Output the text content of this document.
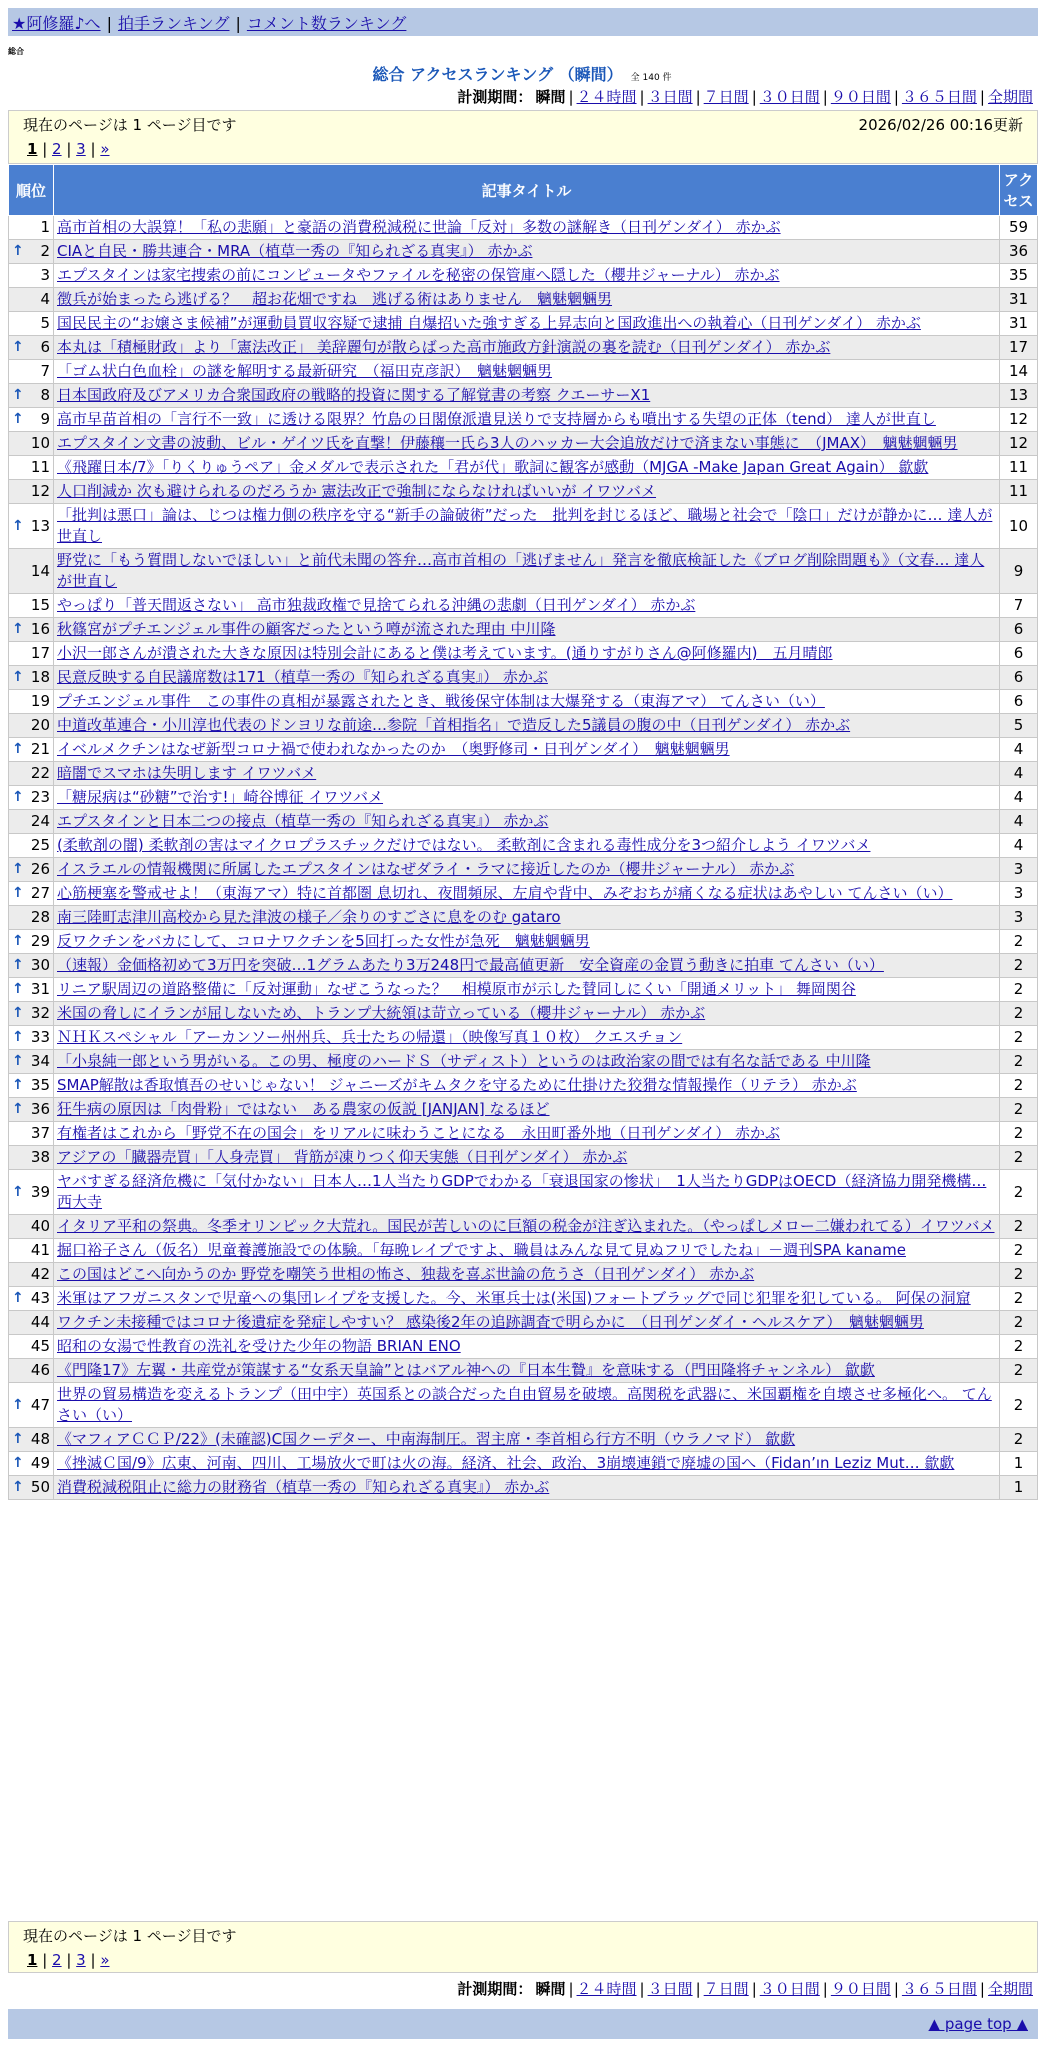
★阿修羅♪へ | 拍手ランキング | コメント数ランキング
総合
総合 アクセスランキング （瞬間） 全 140 件
計測期間： 瞬間 | ２４時間 | ３日間 | ７日間 | ３０日間 | ９０日間 | ３６５日間 | 全期間
現在のページは 1 ページ目です	2026/02/26 00:16更新
1 | 2 | 3 | »
順位	記事タイトル	アクセス
1	高市首相の大誤算！「私の悲願」と豪語の消費税減税に世論「反対」多数の謎解き（日刊ゲンダイ） 赤かぶ	59

↑ 2	CIAと自民・勝共連合・MRA（植草一秀の『知られざる真実』） 赤かぶ	36
3	エプスタインは家宅捜索の前にコンピュータやファイルを秘密の保管庫へ隠した（櫻井ジャーナル） 赤かぶ	35
4	徴兵が始まったら逃げる？　超お花畑ですね　逃げる術はありません　魑魅魍魎男	31
5	国民民主の“お嬢さま候補”が運動員買収容疑で逮捕 自爆招いた強すぎる上昇志向と国政進出への執着心（日刊ゲンダイ） 赤かぶ	31

↑ 6	本丸は「積極財政」より「憲法改正」 美辞麗句が散らばった高市施政方針演説の裏を読む（日刊ゲンダイ） 赤かぶ	17
7	「ゴム状白色血栓」の謎を解明する最新研究　（福田克彦訳）　魑魅魍魎男	14

↑ 8	日本国政府及びアメリカ合衆国政府の戦略的投資に関する了解覚書の考察 クエーサーX1	13

↑ 9	高市早苗首相の「言行不一致」に透ける限界？竹島の日閣僚派遣見送りで支持層からも噴出する失望の正体（tend） 達人が世直し	12
10	エプスタイン文書の波動、ビル・ゲイツ氏を直撃！伊藤穰一氏ら3人のハッカー大会追放だけで済まない事態に　（JMAX）　魑魅魍魎男	12
11	《飛躍日本/7》「りくりゅうペア」金メダルで表示された「君が代」歌詞に観客が感動（MJGA -Make Japan Great Again） 歙歔	11
12	人口削減か 次も避けられるのだろうか 憲法改正で強制にならなければいいが イワツバメ	11

↑ 13	「批判は悪口」論は、じつは権力側の秩序を守る“新手の論破術”だった　批判を封じるほど、職場と社会で「陰口」だけが静かに… 達人が世直し	10
14	野党に「もう質問しないでほしい」と前代未聞の答弁…高市首相の「逃げません」発言を徹底検証した《ブログ削除問題も》（文春… 達人が世直し	9
15	やっぱり「普天間返さない」 高市独裁政権で見捨てられる沖縄の悲劇（日刊ゲンダイ） 赤かぶ	7

↑ 16	秋篠宮がプチエンジェル事件の顧客だったという噂が流された理由 中川隆	6
17	小沢一郎さんが潰された大きな原因は特別会計にあると僕は考えています。(通りすがりさん@阿修羅内)　五月晴郎	6

↑ 18	民意反映する自民議席数は171（植草一秀の『知られざる真実』） 赤かぶ	6
19	プチエンジェル事件　この事件の真相が暴露されたとき、戦後保守体制は大爆発する（東海アマ） てんさい（い）	6
20	中道改革連合・小川淳也代表のドンヨリな前途…参院「首相指名」で造反した5議員の腹の中（日刊ゲンダイ） 赤かぶ	5

↑ 21	イベルメクチンはなぜ新型コロナ禍で使われなかったのか　（奥野修司・日刊ゲンダイ）　魑魅魍魎男	4
22	暗闇でスマホは失明します イワツバメ	4

↑ 23	「糖尿病は“砂糖”で治す!」崎谷博征 イワツバメ	4
24	エプスタインと日本二つの接点（植草一秀の『知られざる真実』） 赤かぶ	4
25	(柔軟剤の闇) 柔軟剤の害はマイクロプラスチックだけではない。 柔軟剤に含まれる毒性成分を3つ紹介しよう イワツバメ	4

↑ 26	イスラエルの情報機関に所属したエプスタインはなぜダライ・ラマに接近したのか（櫻井ジャーナル） 赤かぶ	3

↑ 27	心筋梗塞を警戒せよ！（東海アマ）特に首都圏 息切れ、夜間頻尿、左肩や背中、みぞおちが痛くなる症状はあやしい てんさい（い）	3
28	南三陸町志津川高校から見た津波の様子／余りのすごさに息をのむ gataro	3

↑ 29	反ワクチンをバカにして、コロナワクチンを5回打った女性が急死　魑魅魍魎男	2

↑ 30	（速報）金価格初めて3万円を突破…1グラムあたり3万248円で最高値更新　安全資産の金買う動きに拍車 てんさい（い）	2

↑ 31	リニア駅周辺の道路整備に「反対運動」なぜこうなった？　相模原市が示した賛同しにくい「開通メリット」 舞岡関谷	2

↑ 32	米国の脅しにイランが屈しないため、トランプ大統領は苛立っている（櫻井ジャーナル） 赤かぶ	2

↑ 33	ＮＨＫスペシャル「アーカンソー州州兵、兵士たちの帰還」（映像写真１０枚） クエスチョン	2

↑ 34	「小泉純一郎という男がいる。この男、極度のハードＳ（サディスト）というのは政治家の間では有名な話である 中川隆	2

↑ 35	SMAP解散は香取慎吾のせいじゃない！ ジャニーズがキムタクを守るために仕掛けた狡猾な情報操作（リテラ） 赤かぶ	2

↑ 36	狂牛病の原因は「肉骨粉」ではない　ある農家の仮説 [JANJAN] なるほど	2
37	有権者はこれから「野党不在の国会」をリアルに味わうことになる　永田町番外地（日刊ゲンダイ） 赤かぶ	2
38	アジアの「臓器売買」「人身売買」 背筋が凍りつく仰天実態（日刊ゲンダイ） 赤かぶ	2

↑ 39	ヤバすぎる経済危機に「気付かない」日本人…1人当たりGDPでわかる「衰退国家の惨状」　1人当たりGDPはOECD（経済協力開発機構… 西大寺	2
40	イタリア平和の祭典。冬季オリンピック大荒れ。国民が苦しいのに巨額の税金が注ぎ込まれた。（やっぱしメロー二嫌われてる）イワツバメ	2
41	掘口裕子さん（仮名）児童養護施設での体験。「毎晩レイプですよ、職員はみんな見て見ぬフリでしたね」－週刊SPA kaname	2
42	この国はどこへ向かうのか 野党を嘲笑う世相の怖さ、独裁を喜ぶ世論の危うさ（日刊ゲンダイ） 赤かぶ	2

↑ 43	米軍はアフガニスタンで児童への集団レイプを支援した。今、米軍兵士は(米国)フォートブラッグで同じ犯罪を犯している。 阿保の洞窟	2
44	ワクチン未接種ではコロナ後遺症を発症しやすい？ 感染後2年の追跡調査で明らかに　（日刊ゲンダイ・ヘルスケア）　魑魅魍魎男	2
45	昭和の女湯で性教育の洗礼を受けた少年の物語 BRIAN ENO	2
46	《門隆17》左翼・共産党が策謀する“女系天皇論”とはバアル神への『日本生贄』を意味する（門田隆将チャンネル） 歙歔	2

↑ 47	世界の貿易構造を変えるトランプ（田中宇）英国系との談合だった自由貿易を破壊。高関税を武器に、米国覇権を自壊させ多極化へ。 てんさい（い）	2

↑ 48	《マフィアＣＣＰ/22》(未確認)C国クーデター、中南海制圧。習主席・李首相ら行方不明（ウラノマド） 歙歔	2

↑ 49	《挫滅Ｃ国/9》広東、河南、四川、工場放火で町は火の海。経済、社会、政治、3崩壊連鎖で廃墟の国へ（Fidan’ın Leziz Mut… 歙歔	1

↑ 50	消費税減税阻止に総力の財務省（植草一秀の『知られざる真実』） 赤かぶ	1
現在のページは 1 ページ目です
1 | 2 | 3 | »
計測期間： 瞬間 | ２４時間 | ３日間 | ７日間 | ３０日間 | ９０日間 | ３６５日間 | 全期間
▲ page top ▲
